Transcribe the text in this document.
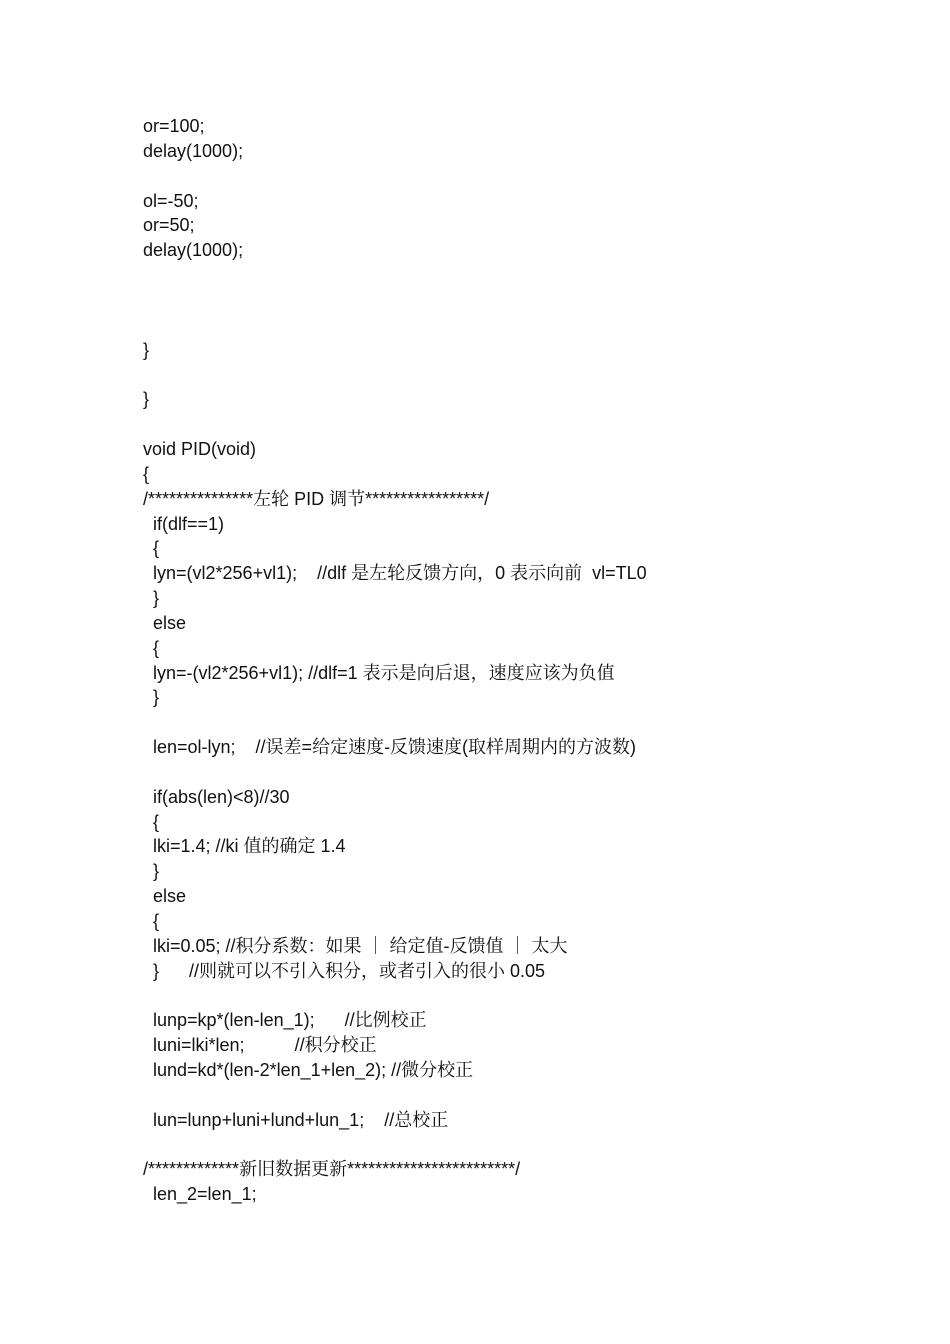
or=100;
delay(1000);
ol=-50;
or=50;
delay(1000);
}
}
void PID(void)
{
/***************左轮 PID 调节*****************/
if(dlf==1)
{
lyn=(vl2*256+vl1);    //dlf 是左轮反馈方向，0 表示向前  vl=TL0
}
else
{
lyn=-(vl2*256+vl1); //dlf=1 表示是向后退，速度应该为负值
}
len=ol-lyn;    //误差=给定速度-反馈速度(取样周期内的方波数)
if(abs(len)<8)//30
{
lki=1.4; //ki 值的确定 1.4
}
else
{
lki=0.05; //积分系数：如果 ｜ 给定值-反馈值 ｜ 太大
}      //则就可以不引入积分，或者引入的很小 0.05
lunp=kp*(len-len_1);      //比例校正
luni=lki*len;          //积分校正
lund=kd*(len-2*len_1+len_2); //微分校正
lun=lunp+luni+lund+lun_1;    //总校正
/*************新旧数据更新************************/
len_2=len_1;
